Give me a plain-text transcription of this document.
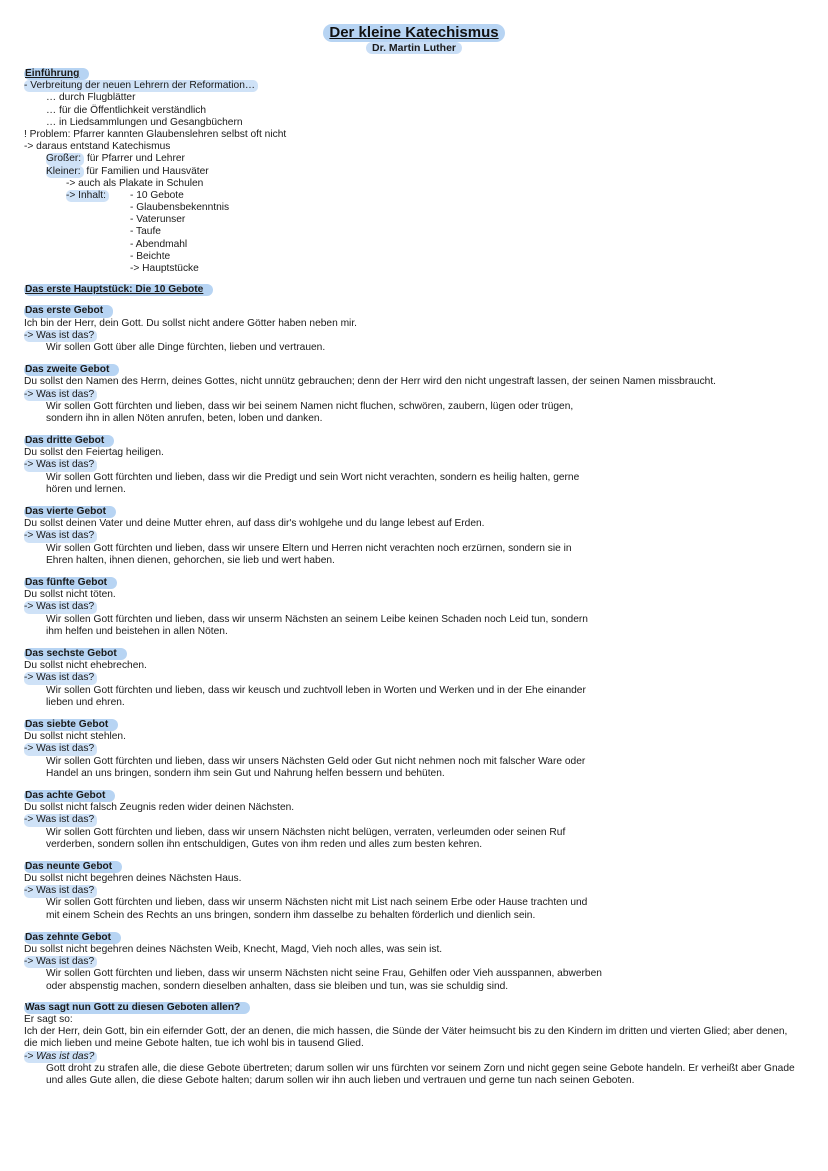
Der kleine Katechismus
Dr. Martin Luther
Einführung
- Verbreitung der neuen Lehrern der Reformation…
… durch Flugblätter
… für die Öffentlichkeit verständlich
… in Liedsammlungen und Gesangbüchern
! Problem: Pfarrer kannten Glaubenslehren selbst oft nicht
-> daraus entstand Katechismus
Großer: für Pfarrer und Lehrer
Kleiner: für Familien und Hausväter
-> auch als Plakate in Schulen
-> Inhalt:	- 10 Gebote
- Glaubensbekenntnis
- Vaterunser
- Taufe
- Abendmahl
- Beichte
-> Hauptstücke
Das erste Hauptstück: Die 10 Gebote
Das erste Gebot
Ich bin der Herr, dein Gott. Du sollst nicht andere Götter haben neben mir.
-> Was ist das?
Wir sollen Gott über alle Dinge fürchten, lieben und vertrauen.
Das zweite Gebot
Du sollst den Namen des Herrn, deines Gottes, nicht unnütz gebrauchen; denn der Herr wird den nicht ungestraft lassen, der seinen Namen missbraucht.
-> Was ist das?
Wir sollen Gott fürchten und lieben, dass wir bei seinem Namen nicht fluchen, schwören, zaubern, lügen oder trügen, sondern ihn in allen Nöten anrufen, beten, loben und danken.
Das dritte Gebot
Du sollst den Feiertag heiligen.
-> Was ist das?
Wir sollen Gott fürchten und lieben, dass wir die Predigt und sein Wort nicht verachten, sondern es heilig halten, gerne hören und lernen.
Das vierte Gebot
Du sollst deinen Vater und deine Mutter ehren, auf dass dir's wohlgehe und du lange lebest auf Erden.
-> Was ist das?
Wir sollen Gott fürchten und lieben, dass wir unsere Eltern und Herren nicht verachten noch erzürnen, sondern sie in Ehren halten, ihnen dienen, gehorchen, sie lieb und wert haben.
Das fünfte Gebot
Du sollst nicht töten.
-> Was ist das?
Wir sollen Gott fürchten und lieben, dass wir unserm Nächsten an seinem Leibe keinen Schaden noch Leid tun, sondern ihm helfen und beistehen in allen Nöten.
Das sechste Gebot
Du sollst nicht ehebrechen.
-> Was ist das?
Wir sollen Gott fürchten und lieben, dass wir keusch und zuchtvoll leben in Worten und Werken und in der Ehe einander lieben und ehren.
Das siebte Gebot
Du sollst nicht stehlen.
-> Was ist das?
Wir sollen Gott fürchten und lieben, dass wir unsers Nächsten Geld oder Gut nicht nehmen noch mit falscher Ware oder Handel an uns bringen, sondern ihm sein Gut und Nahrung helfen bessern und behüten.
Das achte Gebot
Du sollst nicht falsch Zeugnis reden wider deinen Nächsten.
-> Was ist das?
Wir sollen Gott fürchten und lieben, dass wir unsern Nächsten nicht belügen, verraten, verleumden oder seinen Ruf verderben, sondern sollen ihn entschuldigen, Gutes von ihm reden und alles zum besten kehren.
Das neunte Gebot
Du sollst nicht begehren deines Nächsten Haus.
-> Was ist das?
Wir sollen Gott fürchten und lieben, dass wir unserm Nächsten nicht mit List nach seinem Erbe oder Hause trachten und mit einem Schein des Rechts an uns bringen, sondern ihm dasselbe zu behalten förderlich und dienlich sein.
Das zehnte Gebot
Du sollst nicht begehren deines Nächsten Weib, Knecht, Magd, Vieh noch alles, was sein ist.
-> Was ist das?
Wir sollen Gott fürchten und lieben, dass wir unserm Nächsten nicht seine Frau, Gehilfen oder Vieh ausspannen, abwerben oder abspenstig machen, sondern dieselben anhalten, dass sie bleiben und tun, was sie schuldig sind.
Was sagt nun Gott zu diesen Geboten allen?
Er sagt so:
Ich der Herr, dein Gott, bin ein eifernder Gott, der an denen, die mich hassen, die Sünde der Väter heimsucht bis zu den Kindern im dritten und vierten Glied; aber denen, die mich lieben und meine Gebote halten, tue ich wohl bis in tausend Glied.
-> Was ist das?
Gott droht zu strafen alle, die diese Gebote übertreten; darum sollen wir uns fürchten vor seinem Zorn und nicht gegen seine Gebote handeln. Er verheißt aber Gnade und alles Gute allen, die diese Gebote halten; darum sollen wir ihn auch lieben und vertrauen und gerne tun nach seinen Geboten.
